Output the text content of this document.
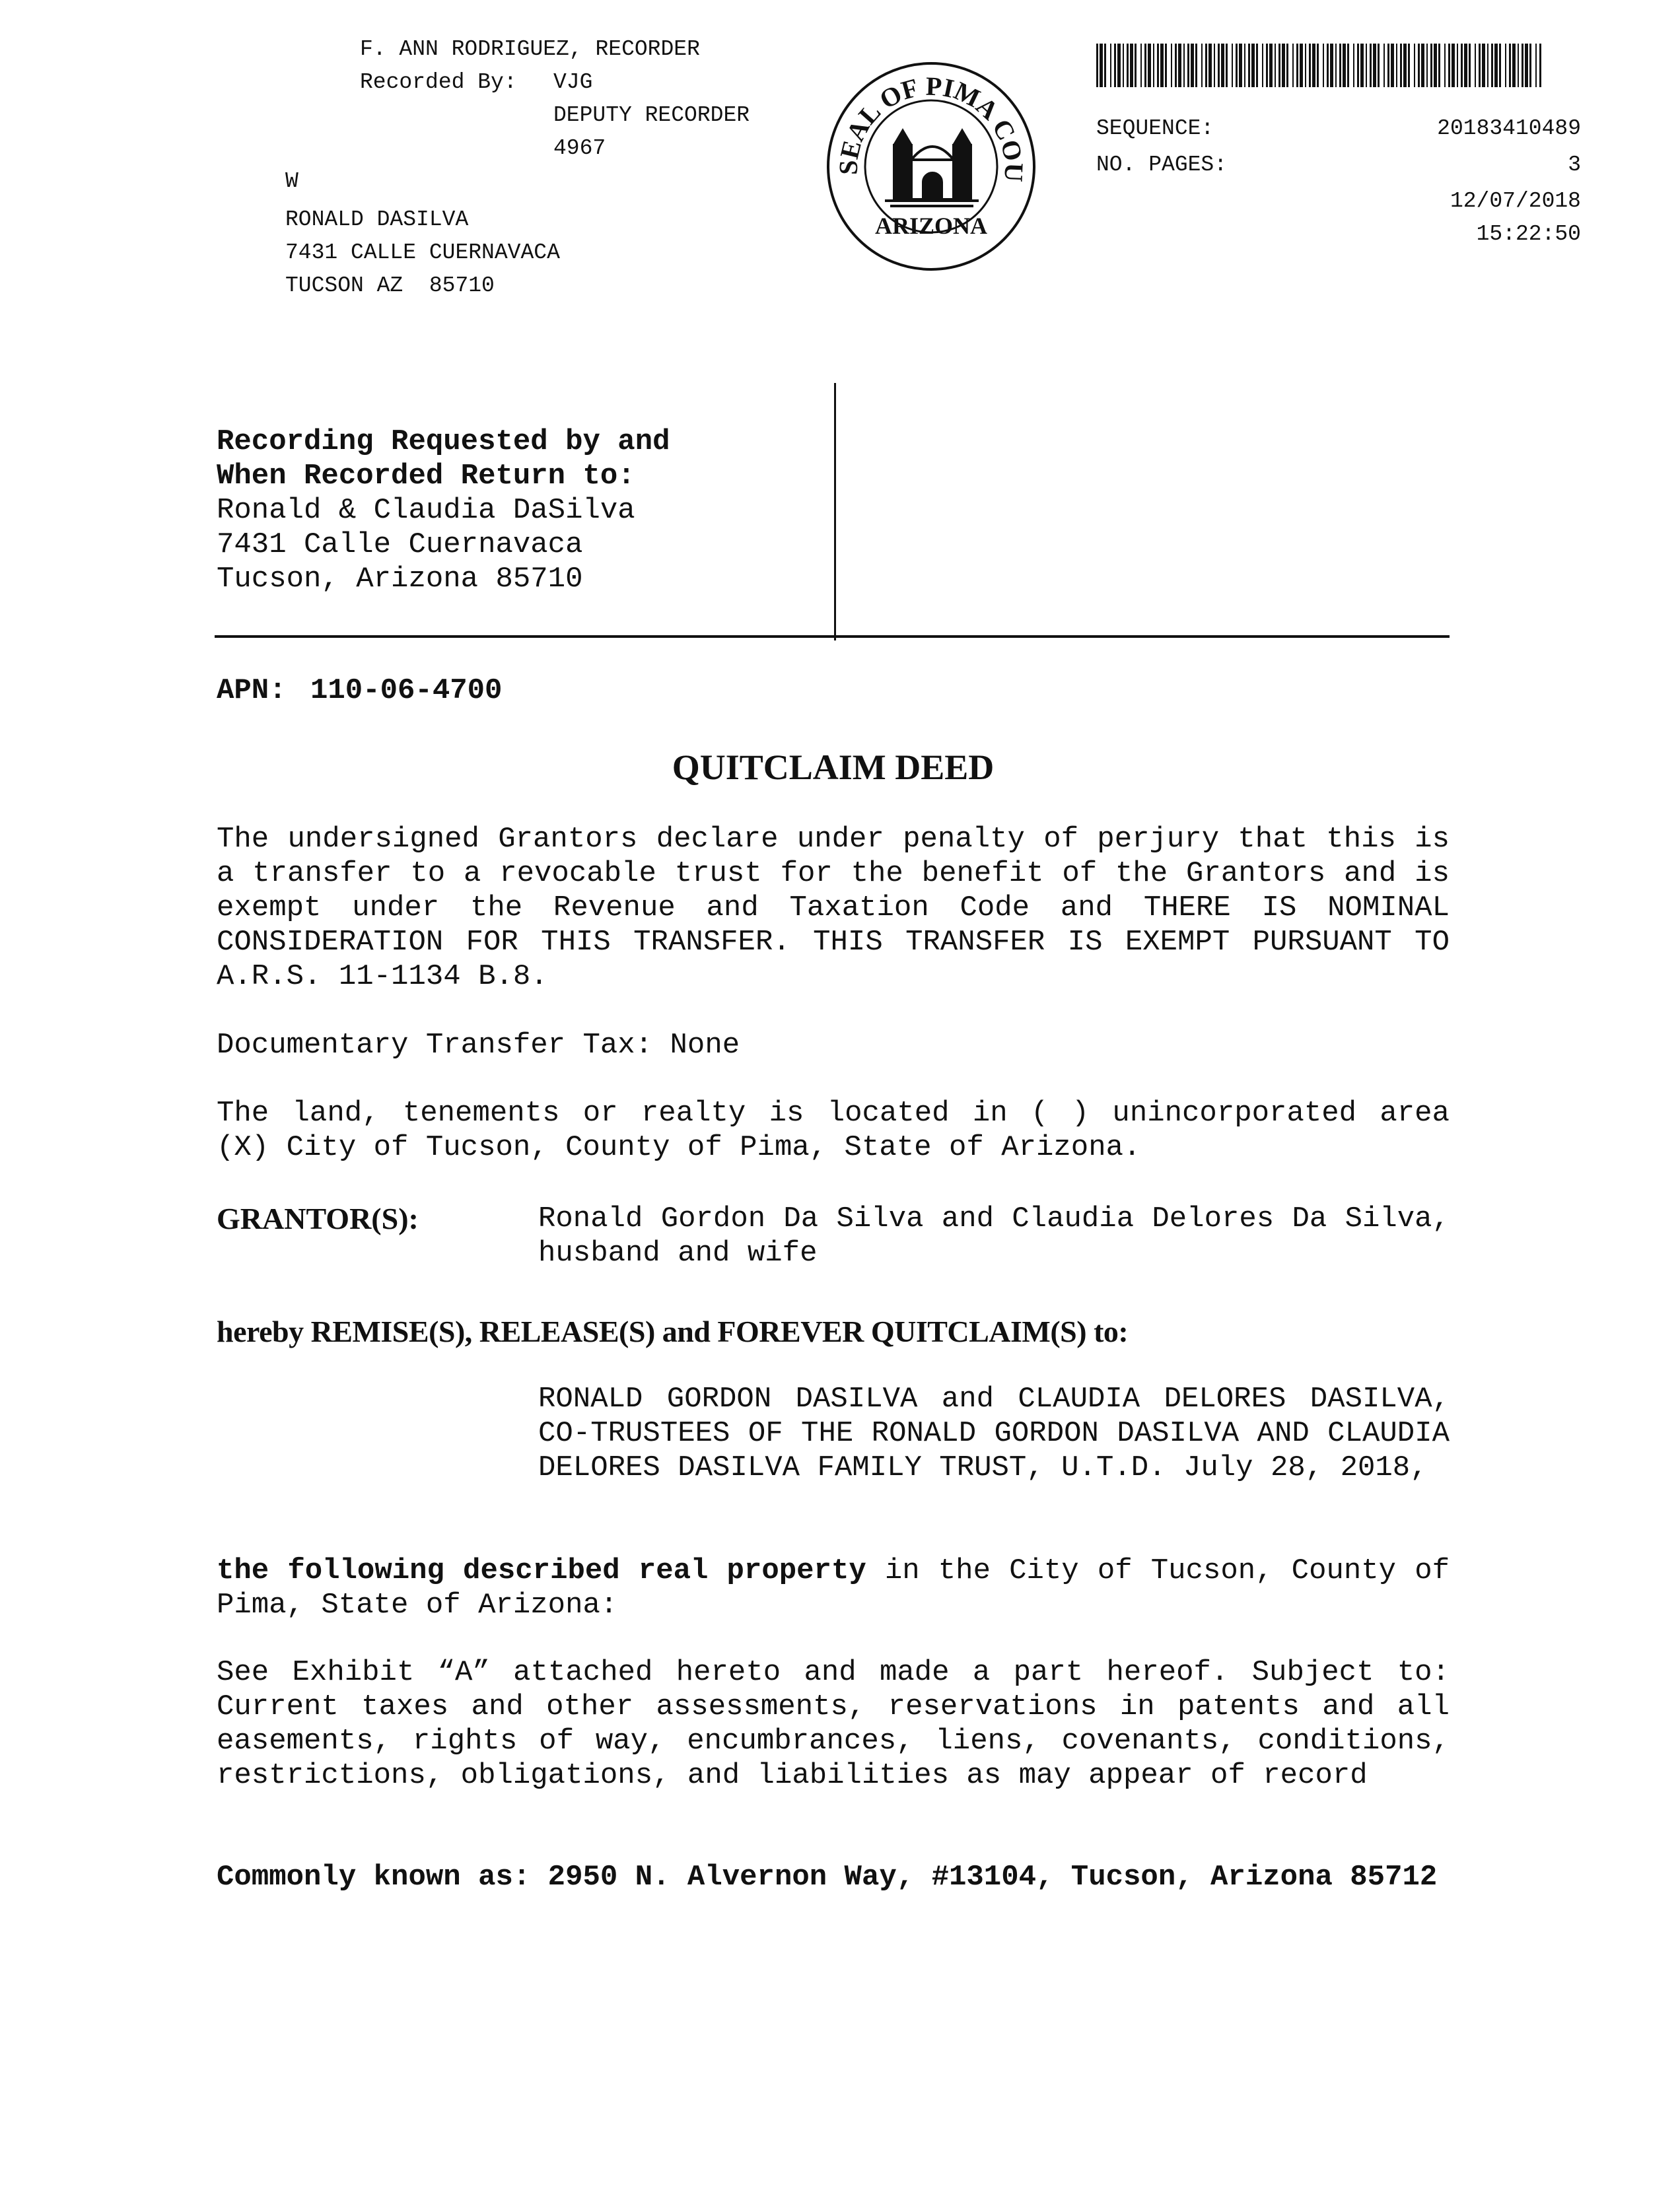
F. ANN RODRIGUEZ, RECORDER
Recorded By: VJG
DEPUTY RECORDER
4967
W
RONALD DASILVA
7431 CALLE CUERNAVACA
TUCSON AZ  85710
SEAL OF PIMA COU
ARIZONA
SEQUENCE:	20183410489
NO. PAGES:	3
12/07/2018
15:22:50
Recording Requested by and
When Recorded Return to:
Ronald & Claudia DaSilva
7431 Calle Cuernavaca
Tucson, Arizona 85710
APN: 110-06-4700
QUITCLAIM DEED
The undersigned Grantors declare under penalty of perjury that this is a transfer to a revocable trust for the benefit of the Grantors and is exempt under the Revenue and Taxation Code and THERE IS NOMINAL CONSIDERATION FOR THIS TRANSFER. THIS TRANSFER IS EXEMPT PURSUANT TO A.R.S. 11-1134 B.8.
Documentary Transfer Tax: None
The land, tenements or realty is located in ( ) unincorporated area
(X) City of Tucson, County of Pima, State of Arizona.
GRANTOR(S):	Ronald Gordon Da Silva and Claudia Delores Da Silva, husband and wife
hereby REMISE(S), RELEASE(S) and FOREVER QUITCLAIM(S) to:
RONALD GORDON DASILVA and CLAUDIA DELORES DASILVA, CO-TRUSTEES OF THE RONALD GORDON DASILVA AND CLAUDIA DELORES DASILVA FAMILY TRUST, U.T.D. July 28, 2018,
the following described real property in the City of Tucson, County of Pima, State of Arizona:
See Exhibit “A” attached hereto and made a part hereof. Subject to: Current taxes and other assessments, reservations in patents and all easements, rights of way, encumbrances, liens, covenants, conditions, restrictions, obligations, and liabilities as may appear of record
Commonly known as: 2950 N. Alvernon Way, #13104, Tucson, Arizona 85712
